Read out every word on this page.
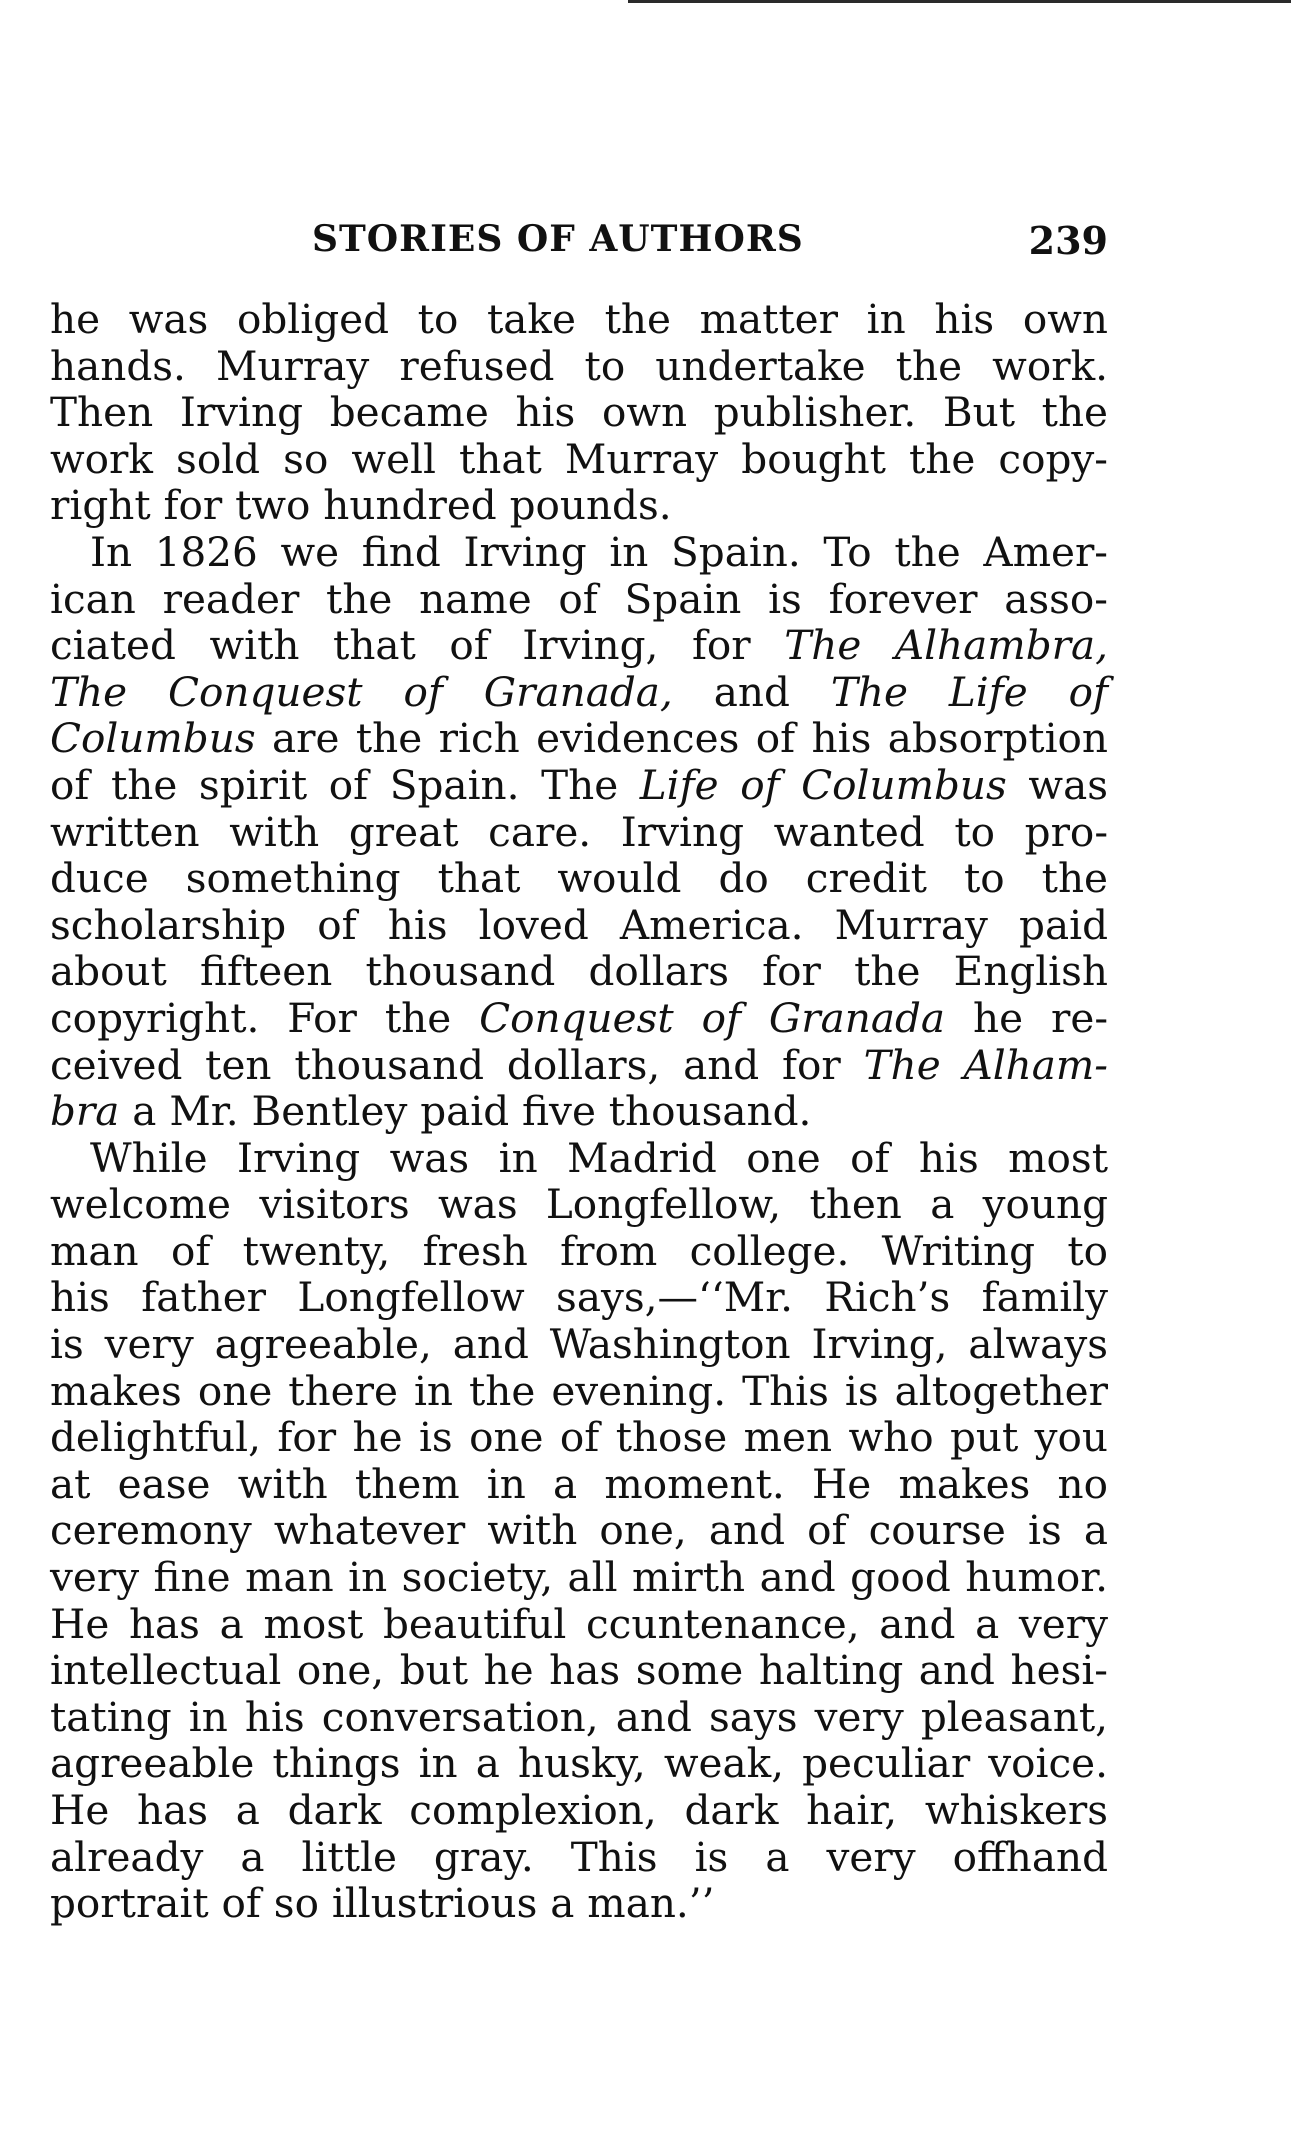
STORIES OF AUTHORS	239
he was obliged to take the matter in his own
hands. Murray refused to undertake the work.
Then Irving became his own publisher. But the
work sold so well that Murray bought the copy-
right for two hundred pounds.
In 1826 we find Irving in Spain. To the Amer-
ican reader the name of Spain is forever asso-
ciated with that of Irving, for The Alhambra,
The Conquest of Granada, and The Life of
Columbus are the rich evidences of his absorption
of the spirit of Spain. The Life of Columbus was
written with great care. Irving wanted to pro-
duce something that would do credit to the
scholarship of his loved America. Murray paid
about fifteen thousand dollars for the English
copyright. For the Conquest of Granada he re-
ceived ten thousand dollars, and for The Alham-
bra a Mr. Bentley paid five thousand.
While Irving was in Madrid one of his most
welcome visitors was Longfellow, then a young
man of twenty, fresh from college. Writing to
his father Longfellow says,—‘‘Mr. Rich’s family
is very agreeable, and Washington Irving, always
makes one there in the evening. This is altogether
delightful, for he is one of those men who put you
at ease with them in a moment. He makes no
ceremony whatever with one, and of course is a
very fine man in society, all mirth and good humor.
He has a most beautiful ccuntenance, and a very
intellectual one, but he has some halting and hesi-
tating in his conversation, and says very pleasant,
agreeable things in a husky, weak, peculiar voice.
He has a dark complexion, dark hair, whiskers
already a little gray. This is a very offhand
portrait of so illustrious a man.’’
